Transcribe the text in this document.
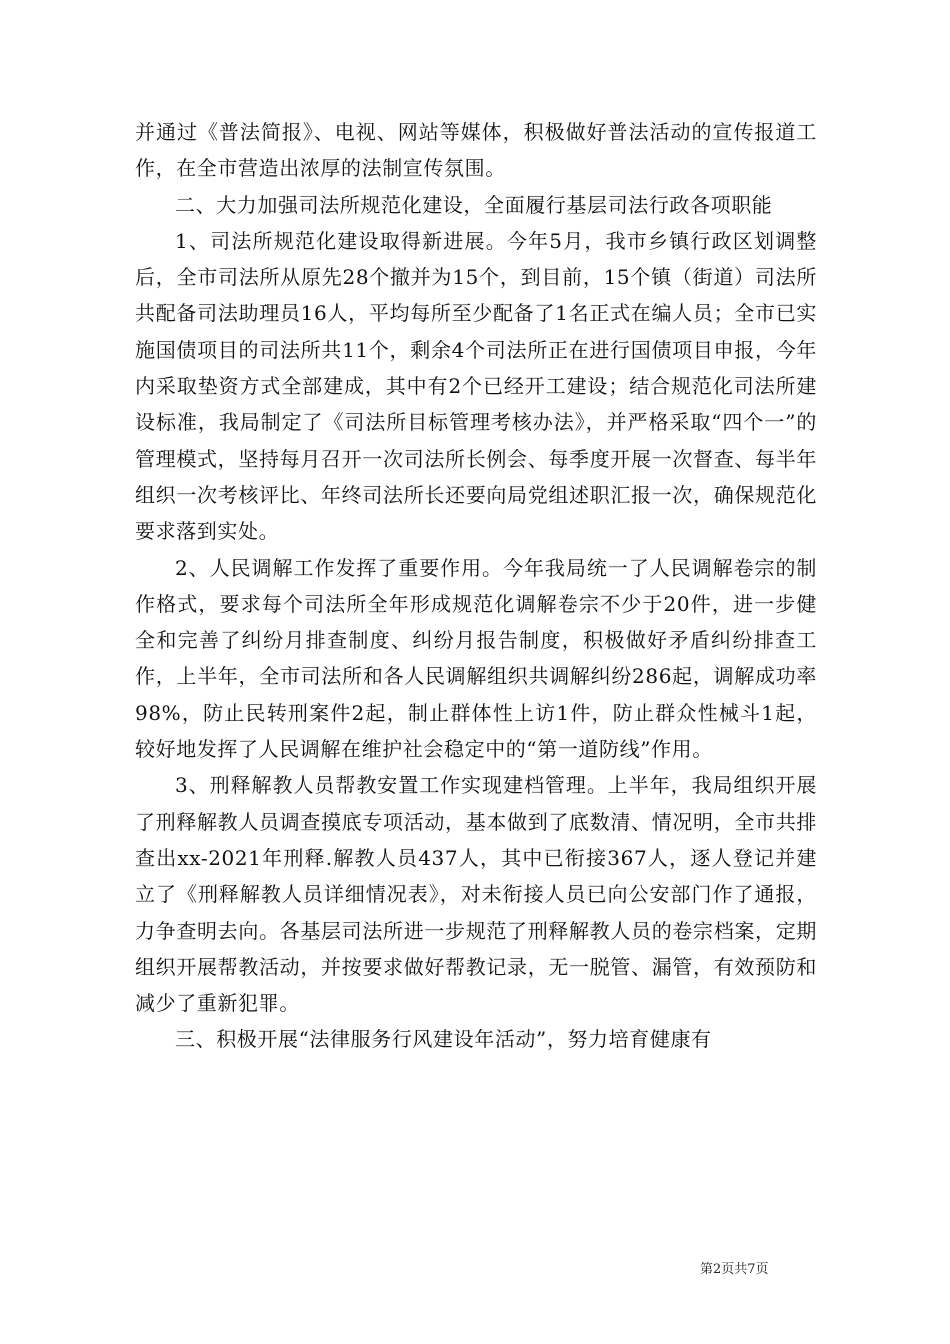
并通过《普法简报》、电视、网站等媒体，积极做好普法活动的宣传报道工作，在全市营造出浓厚的法制宣传氛围。

二、大力加强司法所规范化建设，全面履行基层司法行政各项职能

1、司法所规范化建设取得新进展。今年5月，我市乡镇行政区划调整后，全市司法所从原先28个撤并为15个，到目前，15个镇（街道）司法所共配备司法助理员16人，平均每所至少配备了1名正式在编人员；全市已实施国债项目的司法所共11个，剩余4个司法所正在进行国债项目申报，今年内采取垫资方式全部建成，其中有2个已经开工建设；结合规范化司法所建设标准，我局制定了《司法所目标管理考核办法》，并严格采取“四个一”的管理模式，坚持每月召开一次司法所长例会、每季度开展一次督查、每半年组织一次考核评比、年终司法所长还要向局党组述职汇报一次，确保规范化要求落到实处。

2、人民调解工作发挥了重要作用。今年我局统一了人民调解卷宗的制作格式，要求每个司法所全年形成规范化调解卷宗不少于20件，进一步健全和完善了纠纷月排查制度、纠纷月报告制度，积极做好矛盾纠纷排查工作，上半年，全市司法所和各人民调解组织共调解纠纷286起，调解成功率98%，防止民转刑案件2起，制止群体性上访1件，防止群众性械斗1起，较好地发挥了人民调解在维护社会稳定中的“第一道防线”作用。

3、刑释解教人员帮教安置工作实现建档管理。上半年，我局组织开展了刑释解教人员调查摸底专项活动，基本做到了底数清、情况明，全市共排查出xx-2021年刑释.解教人员437人，其中已衔接367人，逐人登记并建立了《刑释解教人员详细情况表》，对未衔接人员已向公安部门作了通报，力争查明去向。各基层司法所进一步规范了刑释解教人员的卷宗档案，定期组织开展帮教活动，并按要求做好帮教记录，无一脱管、漏管，有效预防和减少了重新犯罪。

三、积极开展“法律服务行风建设年活动”，努力培育健康有

第2页共7页
